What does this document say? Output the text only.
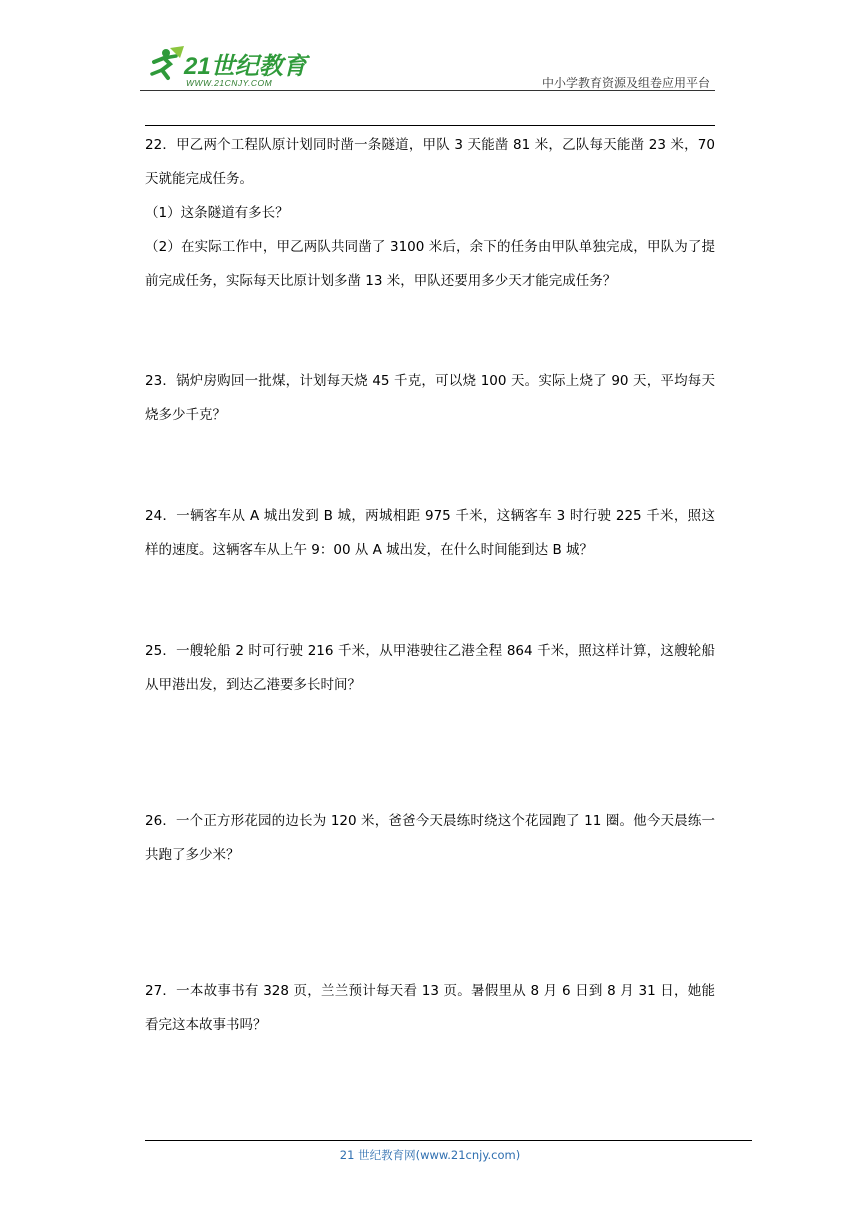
21世纪教育
WWW.21CNJY.COM	中小学教育资源及组卷应用平台

22．甲乙两个工程队原计划同时凿一条隧道，甲队 3 天能凿 81 米，乙队每天能凿 23 米，70 天就能完成任务。

（1）这条隧道有多长？

（2）在实际工作中，甲乙两队共同凿了 3100 米后，余下的任务由甲队单独完成，甲队为了提前完成任务，实际每天比原计划多凿 13 米，甲队还要用多少天才能完成任务？

23．锅炉房购回一批煤，计划每天烧 45 千克，可以烧 100 天。实际上烧了 90 天，平均每天烧多少千克？

24．一辆客车从 A 城出发到 B 城，两城相距 975 千米，这辆客车 3 时行驶 225 千米，照这样的速度。这辆客车从上午 9：00 从 A 城出发，在什么时间能到达 B 城？

25．一艘轮船 2 时可行驶 216 千米，从甲港驶往乙港全程 864 千米，照这样计算，这艘轮船从甲港出发，到达乙港要多长时间？

26．一个正方形花园的边长为 120 米，爸爸今天晨练时绕这个花园跑了 11 圈。他今天晨练一共跑了多少米？

27．一本故事书有 328 页，兰兰预计每天看 13 页。暑假里从 8 月 6 日到 8 月 31 日，她能看完这本故事书吗？

21 世纪教育网(www.21cnjy.com)
